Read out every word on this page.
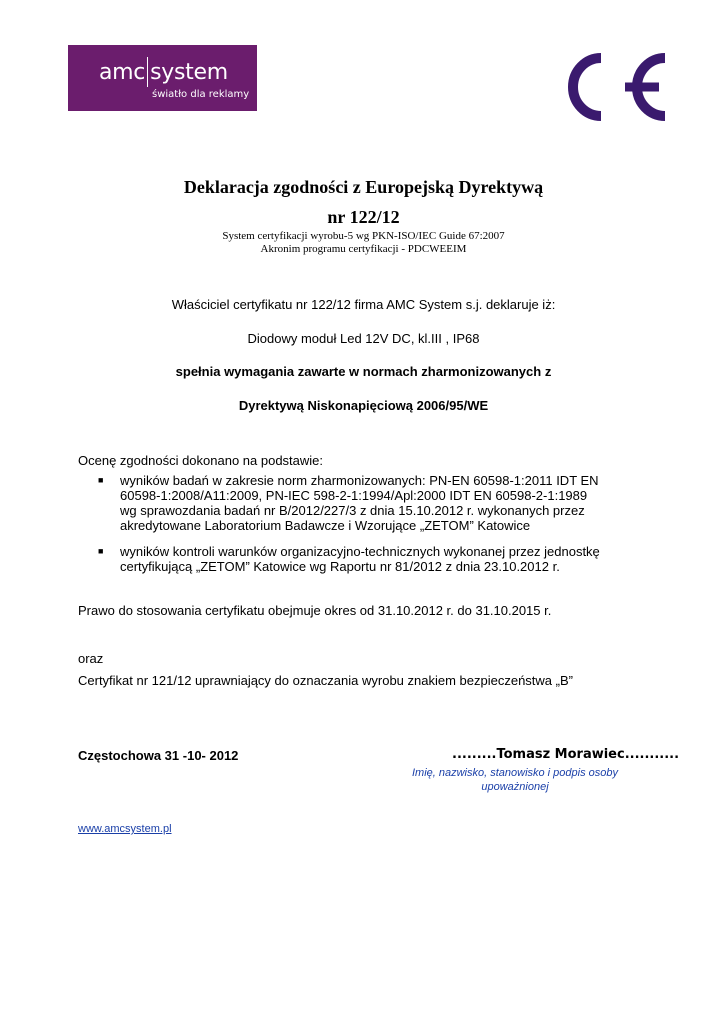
amc system
światło dla reklamy
Deklaracja zgodności z Europejską Dyrektywą
nr 122/12
System certyfikacji wyrobu-5 wg PKN-ISO/IEC Guide 67:2007
Akronim programu certyfikacji - PDCWEEIM
Właściciel certyfikatu nr 122/12 firma AMC System s.j. deklaruje iż:
Diodowy moduł Led 12V DC, kl.III , IP68
spełnia wymagania zawarte w normach zharmonizowanych z
Dyrektywą Niskonapięciową 2006/95/WE
Ocenę zgodności dokonano na podstawie:
■ wyników badań w zakresie norm zharmonizowanych: PN-EN 60598-1:2011 IDT EN
60598-1:2008/A11:2009, PN-IEC 598-2-1:1994/Apl:2000 IDT EN 60598-2-1:1989
wg sprawozdania badań nr B/2012/227/3 z dnia 15.10.2012 r. wykonanych przez
akredytowane Laboratorium Badawcze i Wzorujące „ZETOM” Katowice
■ wyników kontroli warunków organizacyjno-technicznych wykonanej przez jednostkę
certyfikującą „ZETOM” Katowice wg Raportu nr 81/2012 z dnia 23.10.2012 r.
Prawo do stosowania certyfikatu obejmuje okres od 31.10.2012 r. do 31.10.2015 r.
oraz
Certyfikat nr 121/12 uprawniający do oznaczania wyrobu znakiem bezpieczeństwa „B”
Częstochowa 31 -10- 2012	.........Tomasz Morawiec...........
Imię, nazwisko, stanowisko i podpis osoby
upoważnionej
www.amcsystem.pl
